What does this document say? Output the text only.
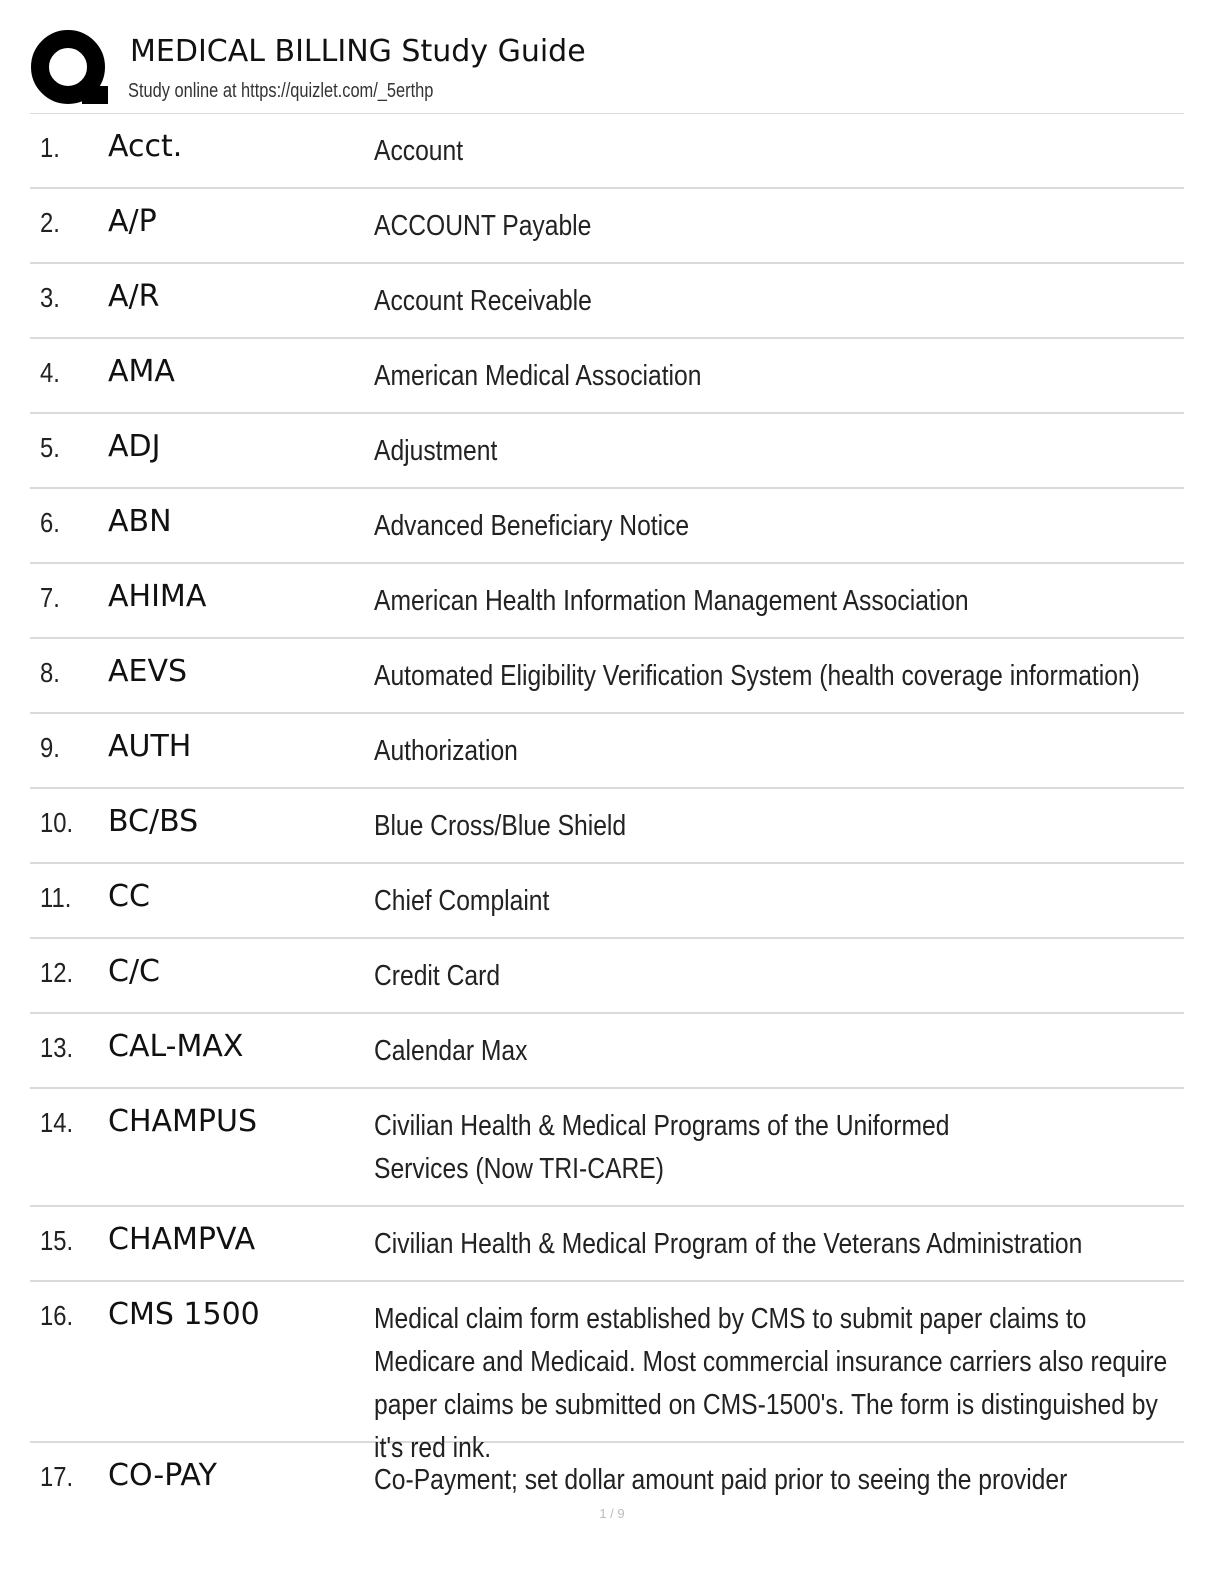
MEDICAL BILLING Study Guide
Study online at https://quizlet.com/_5erthp
1. Acct.	Account
2. A/P	ACCOUNT Payable
3. A/R	Account Receivable
4. AMA	American Medical Association
5. ADJ	Adjustment
6. ABN	Advanced Beneficiary Notice
7. AHIMA	American Health Information Management Association
8. AEVS	Automated Eligibility Verification System (health coverage information)
9. AUTH	Authorization
10. BC/BS	Blue Cross/Blue Shield
11. CC	Chief Complaint
12. C/C	Credit Card
13. CAL-MAX	Calendar Max
14. CHAMPUS	Civilian Health & Medical Programs of the Uniformed Services (Now TRI-CARE)
15. CHAMPVA	Civilian Health & Medical Program of the Veterans Administration
16. CMS 1500	Medical claim form established by CMS to submit paper claims to Medicare and Medicaid. Most commercial insurance carriers also require paper claims be submitted on CMS-1500's. The form is distinguished by it's red ink.
17. CO-PAY	Co-Payment; set dollar amount paid prior to seeing the provider
1 / 9
